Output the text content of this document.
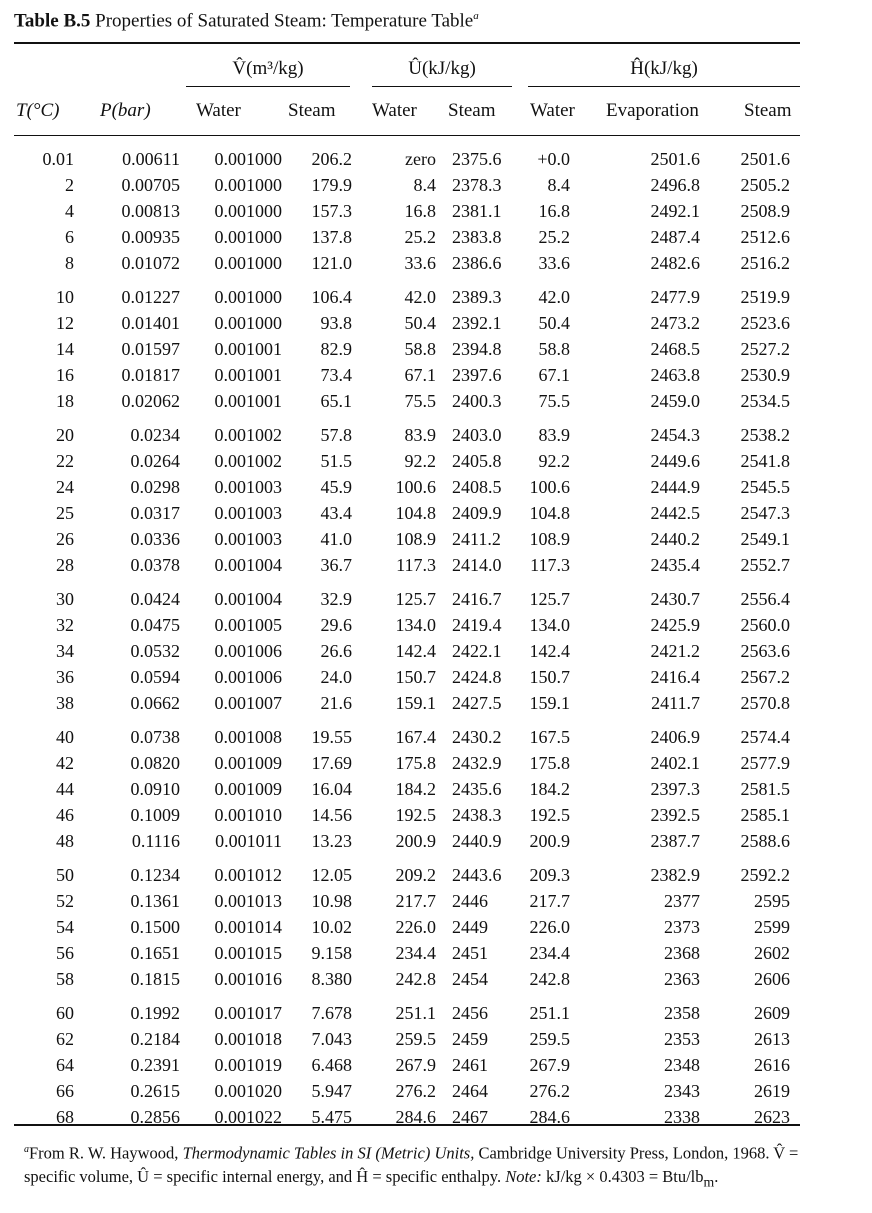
Table B.5 Properties of Saturated Steam: Temperature Table$^a$
V̂(m³/kg)	Û(kJ/kg)	Ĥ(kJ/kg)
T(°C) P(bar) Water Steam Water Steam Water Evaporation Steam
0.01	0.00611	0.001000	206.2	zero	2375.6	+0.0	2501.6	2501.6
2	0.00705	0.001000	179.9	8.4	2378.3	8.4	2496.8	2505.2
4	0.00813	0.001000	157.3	16.8	2381.1	16.8	2492.1	2508.9
6	0.00935	0.001000	137.8	25.2	2383.8	25.2	2487.4	2512.6
8	0.01072	0.001000	121.0	33.6	2386.6	33.6	2482.6	2516.2
10	0.01227	0.001000	106.4	42.0	2389.3	42.0	2477.9	2519.9
12	0.01401	0.001000	93.8	50.4	2392.1	50.4	2473.2	2523.6
14	0.01597	0.001001	82.9	58.8	2394.8	58.8	2468.5	2527.2
16	0.01817	0.001001	73.4	67.1	2397.6	67.1	2463.8	2530.9
18	0.02062	0.001001	65.1	75.5	2400.3	75.5	2459.0	2534.5
20	0.0234	0.001002	57.8	83.9	2403.0	83.9	2454.3	2538.2
22	0.0264	0.001002	51.5	92.2	2405.8	92.2	2449.6	2541.8
24	0.0298	0.001003	45.9	100.6	2408.5	100.6	2444.9	2545.5
25	0.0317	0.001003	43.4	104.8	2409.9	104.8	2442.5	2547.3
26	0.0336	0.001003	41.0	108.9	2411.2	108.9	2440.2	2549.1
28	0.0378	0.001004	36.7	117.3	2414.0	117.3	2435.4	2552.7
30	0.0424	0.001004	32.9	125.7	2416.7	125.7	2430.7	2556.4
32	0.0475	0.001005	29.6	134.0	2419.4	134.0	2425.9	2560.0
34	0.0532	0.001006	26.6	142.4	2422.1	142.4	2421.2	2563.6
36	0.0594	0.001006	24.0	150.7	2424.8	150.7	2416.4	2567.2
38	0.0662	0.001007	21.6	159.1	2427.5	159.1	2411.7	2570.8
40	0.0738	0.001008	19.55	167.4	2430.2	167.5	2406.9	2574.4
42	0.0820	0.001009	17.69	175.8	2432.9	175.8	2402.1	2577.9
44	0.0910	0.001009	16.04	184.2	2435.6	184.2	2397.3	2581.5
46	0.1009	0.001010	14.56	192.5	2438.3	192.5	2392.5	2585.1
48	0.1116	0.001011	13.23	200.9	2440.9	200.9	2387.7	2588.6
50	0.1234	0.001012	12.05	209.2	2443.6	209.3	2382.9	2592.2
52	0.1361	0.001013	10.98	217.7	2446	217.7	2377	2595
54	0.1500	0.001014	10.02	226.0	2449	226.0	2373	2599
56	0.1651	0.001015	9.158	234.4	2451	234.4	2368	2602
58	0.1815	0.001016	8.380	242.8	2454	242.8	2363	2606
60	0.1992	0.001017	7.678	251.1	2456	251.1	2358	2609
62	0.2184	0.001018	7.043	259.5	2459	259.5	2353	2613
64	0.2391	0.001019	6.468	267.9	2461	267.9	2348	2616
66	0.2615	0.001020	5.947	276.2	2464	276.2	2343	2619
68	0.2856	0.001022	5.475	284.6	2467	284.6	2338	2623
$^a$From R. W. Haywood, Thermodynamic Tables in SI (Metric) Units, Cambridge University Press, London, 1968. V̂ = specific volume, Û = specific internal energy, and Ĥ = specific enthalpy. Note: kJ/kg × 0.4303 = Btu/$lb_m$.
